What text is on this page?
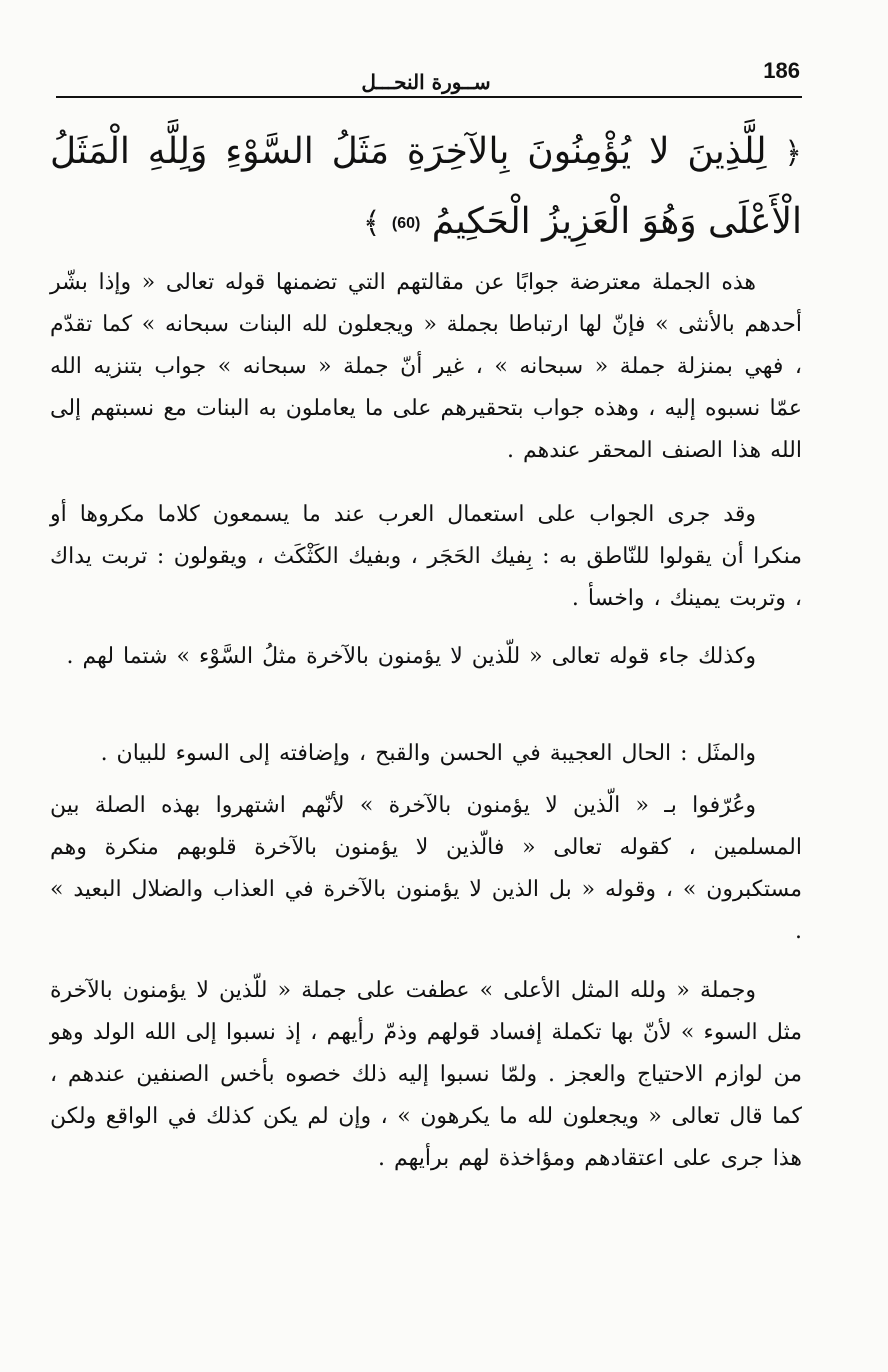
186
ســورة النحـــل
﴿ لِلَّذِينَ لا يُؤْمِنُونَ بِالآخِرَةِ مَثَلُ السَّوْءِ وَلِلَّهِ الْمَثَلُ الْأَعْلَى وَهُوَ الْعَزِيزُ الْحَكِيمُ (60) ﴾

هذه الجملة معترضة جوابًا عن مقالتهم التي تضمنها قوله تعالى « وإذا بشّر أحدهم بالأنثى » فإنّ لها ارتباطا بجملة « ويجعلون لله البنات سبحانه » كما تقدّم ، فهي بمنزلة جملة « سبحانه » ، غير أنّ جملة « سبحانه » جواب بتنزيه الله عمّا نسبوه إليه ، وهذه جواب بتحقيرهم على ما يعاملون به البنات مع نسبتهم إلى الله هذا الصنف المحقر عندهم .

وقد جرى الجواب على استعمال العرب عند ما يسمعون كلاما مكروها أو منكرا أن يقولوا للنّاطق به : بِفيك الحَجَر ، وبفيك الكَثْكَث ، ويقولون : تربت يداك ، وتربت يمينك ، واخسأ .

وكذلك جاء قوله تعالى « للّذين لا يؤمنون بالآخرة مثلُ السَّوْء » شتما لهم .

والمثَل : الحال العجيبة في الحسن والقبح ، وإضافته إلى السوء للبيان .

وعُرّفوا بـ « الّذين لا يؤمنون بالآخرة » لأنّهم اشتهروا بهذه الصلة بين المسلمين ، كقوله تعالى « فالّذين لا يؤمنون بالآخرة قلوبهم منكرة وهم مستكبرون » ، وقوله « بل الذين لا يؤمنون بالآخرة في العذاب والضلال البعيد » .

وجملة « ولله المثل الأعلى » عطفت على جملة « للّذين لا يؤمنون بالآخرة مثل السوء » لأنّ بها تكملة إفساد قولهم وذمّ رأيهم ، إذ نسبوا إلى الله الولد وهو من لوازم الاحتياج والعجز . ولمّا نسبوا إليه ذلك خصوه بأخس الصنفين عندهم ، كما قال تعالى « ويجعلون لله ما يكرهون » ، وإن لم يكن كذلك في الواقع ولكن هذا جرى على اعتقادهم ومؤاخذة لهم برأيهم .
